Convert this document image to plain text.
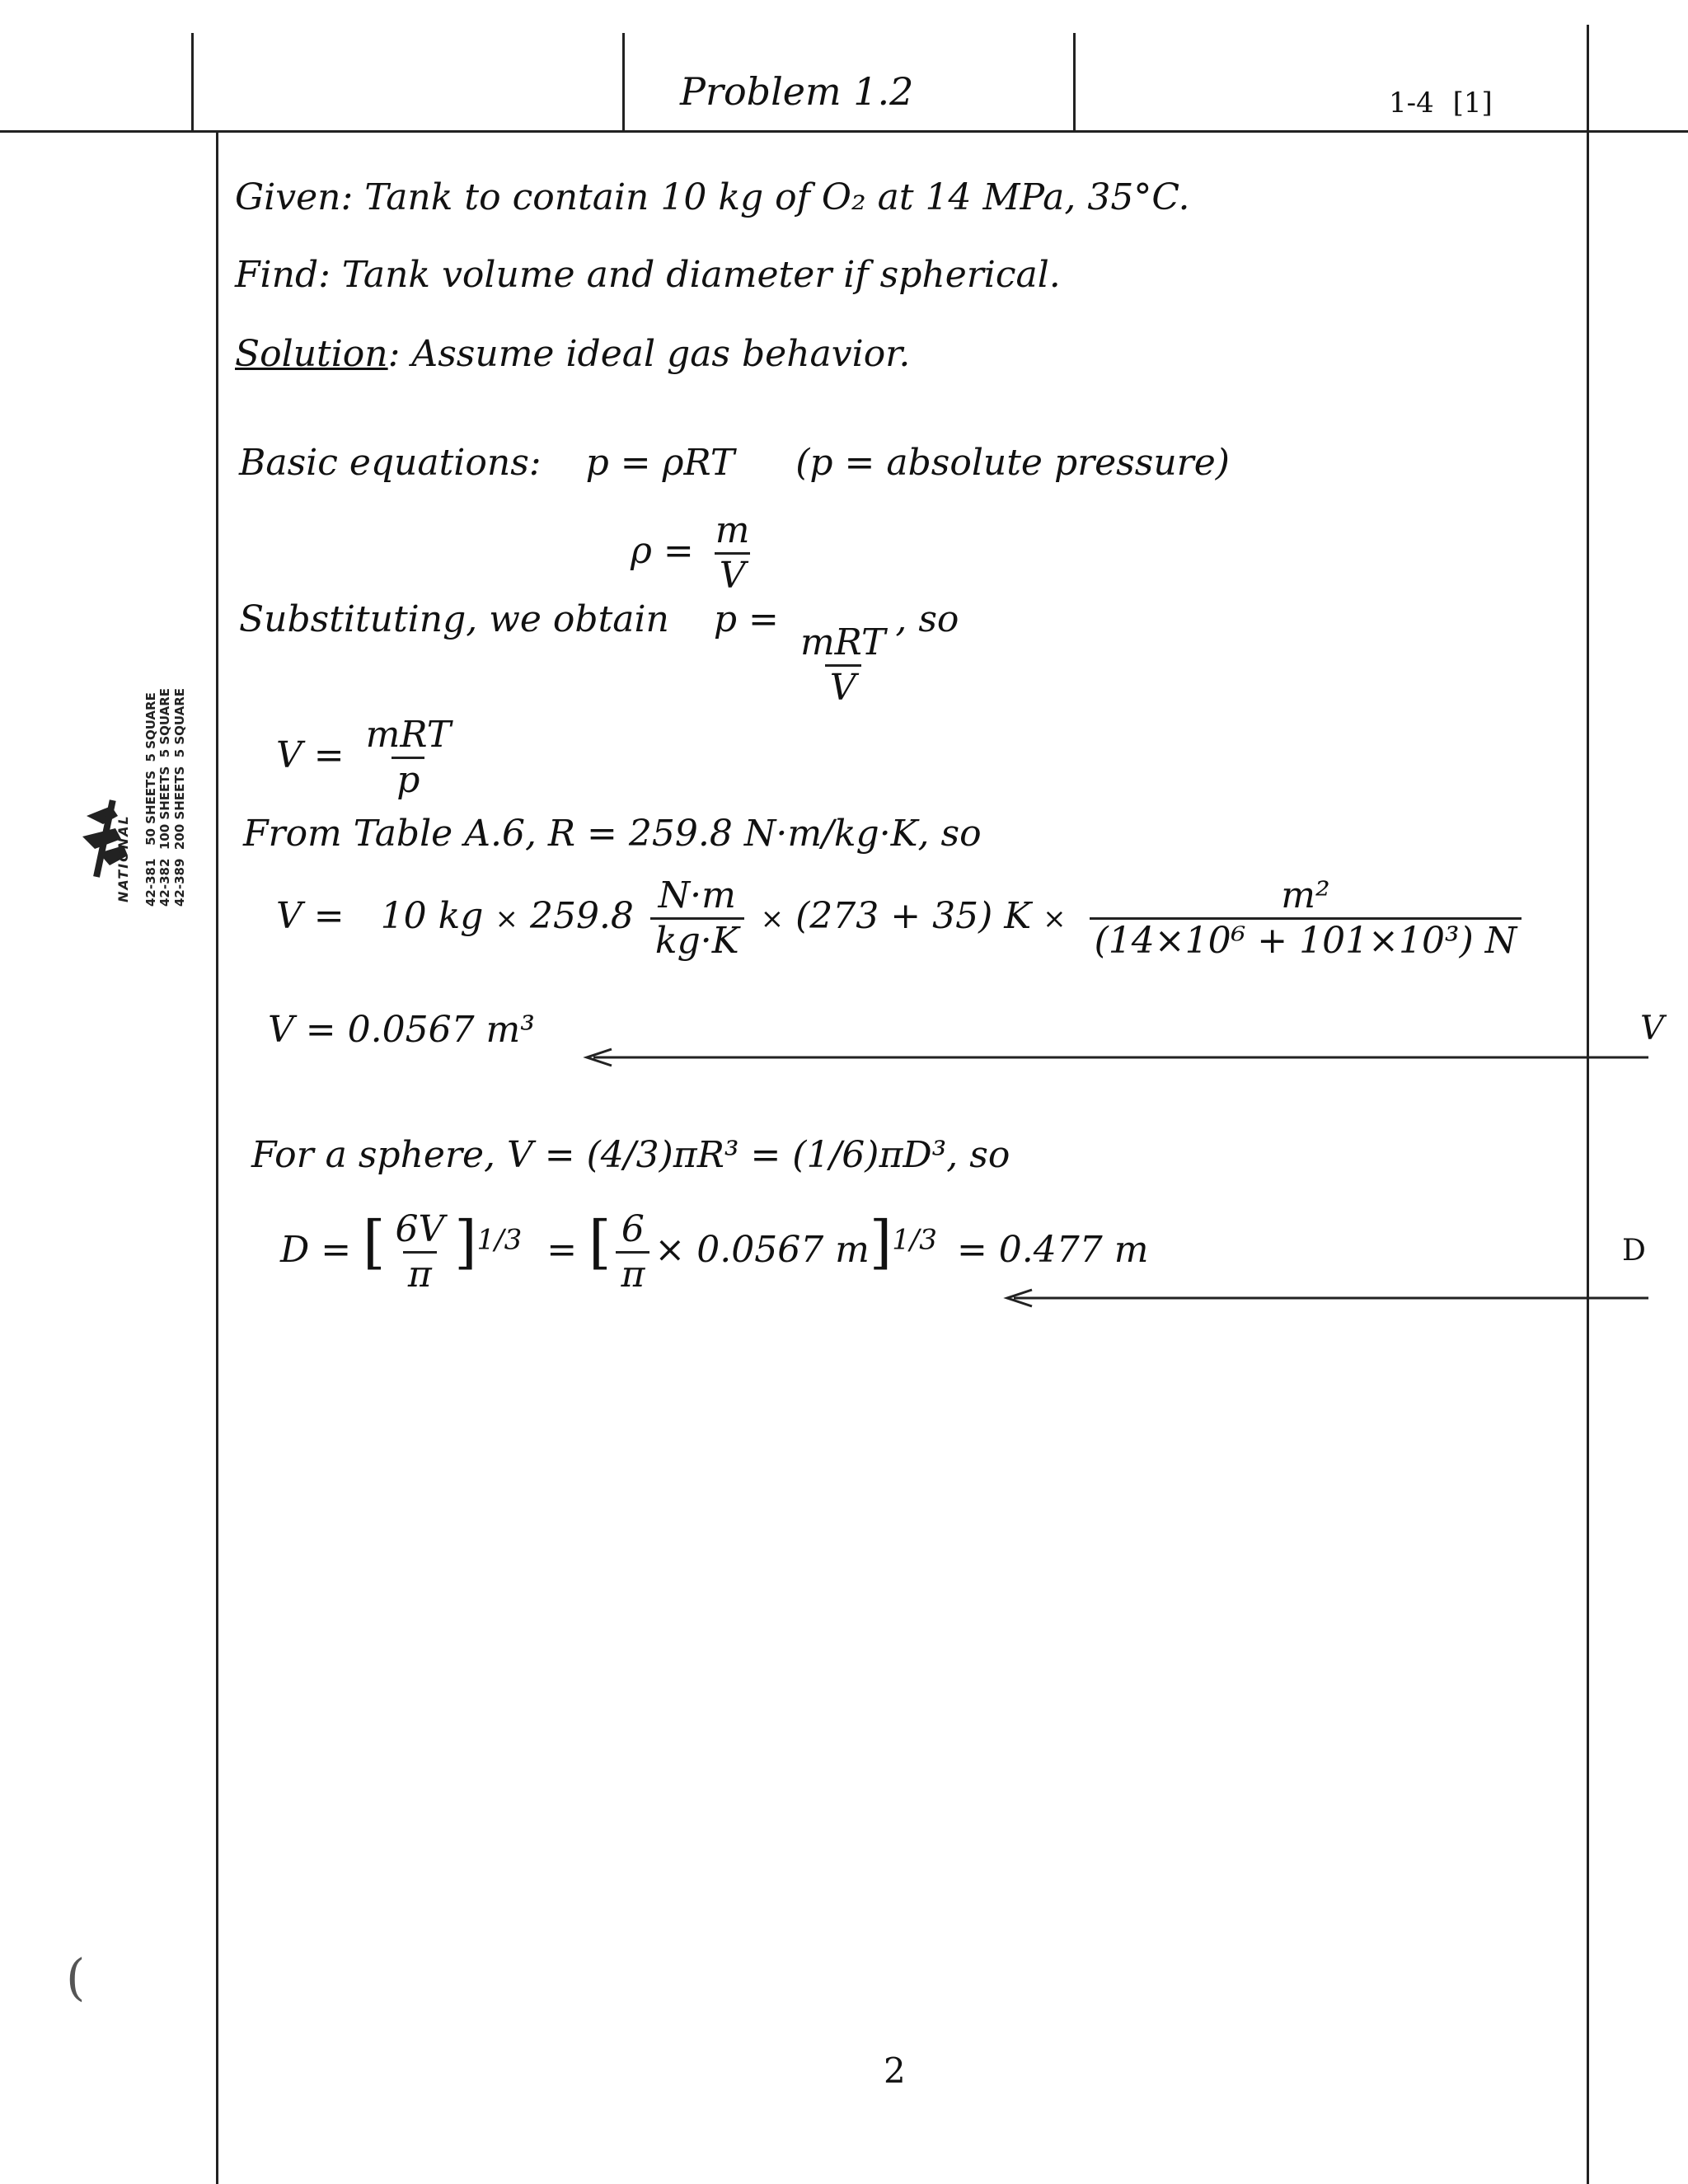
Problem 1.2	1-4 [1]
Given: Tank to contain 10 kg of O₂ at 14 MPa, 35°C.
Find: Tank volume and diameter if spherical.
Solution: Assume ideal gas behavior.
Basic equations: p = ρRT (p = absolute pressure)
$\rho = \frac{m}{V}$
Substituting, we obtain p =
$\frac{\text{mRT}}{V}$
, so
$V = \frac{\text{mRT}}{p}$
From Table A.6, R = 259.8 N·m/kg·K, so
V = 10 kg × $259.8 \frac{N\cdot m}{kg\cdot K} \times (273 + 35) K \times \frac{\text{m²}}{\text{(14×10⁶ + 101×10³) N}}$
V = 0.0567 m³	V
For a sphere, V = (4/3)πR³ = (1/6)πD³, so
D = [ $\frac{6V}{\pi} ]^{1/3}$ = [ $\frac{6}{\pi} \times 0.0567$ m]$^{1/3}$ = 0.477 m	D
2
42-381   50 SHEETS  5 SQUARE
42-382  100 SHEETS  5 SQUARE
42-389  200 SHEETS  5 SQUARE
NATIONAL
(
